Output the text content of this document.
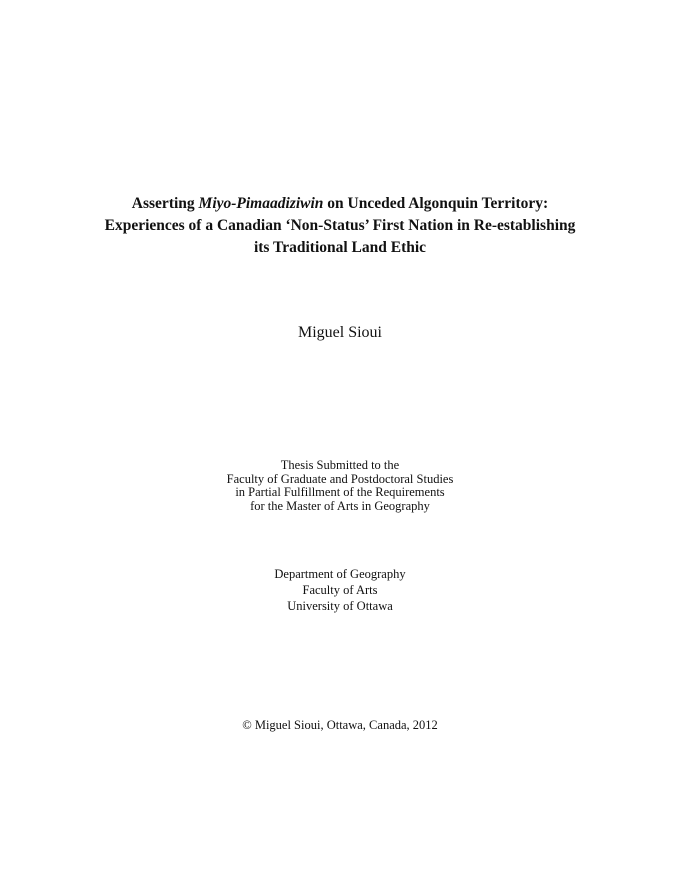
Asserting Miyo-Pimaadiziwin on Unceded Algonquin Territory:
Experiences of a Canadian ‘Non-Status’ First Nation in Re-establishing
its Traditional Land Ethic
Miguel Sioui
Thesis Submitted to the
Faculty of Graduate and Postdoctoral Studies
in Partial Fulfillment of the Requirements
for the Master of Arts in Geography
Department of Geography
Faculty of Arts
University of Ottawa
© Miguel Sioui, Ottawa, Canada, 2012
